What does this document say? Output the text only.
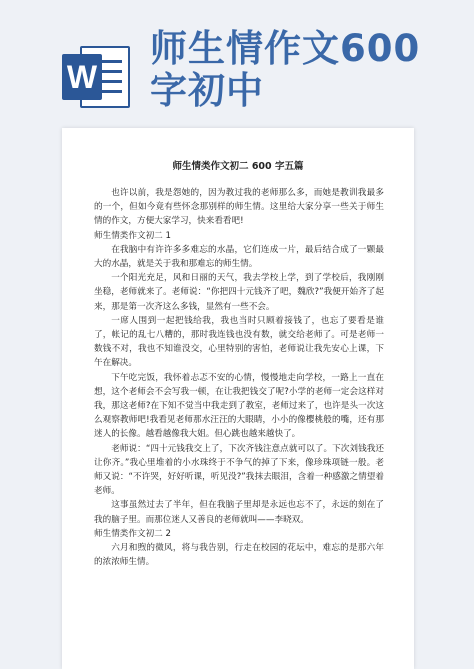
W
师生情作文600字初中
师生情类作文初二 600 字五篇

也许以前，我是怨她的，因为教过我的老师那么多，而她是教训我最多的一个，但如今竟有些怀念那别样的师生情。这里给大家分享一些关于师生情的作文，方便大家学习，快来看看吧!

师生情类作文初二 1

在我脑中有许许多多难忘的水晶，它们连成一片，最后结合成了一颗最大的水晶，就是关于我和那难忘的师生情。

一个阳光充足，风和日丽的天气，我去学校上学，到了学校后，我刚刚坐稳，老师就来了。老师说：“你把四十元钱齐了吧，魏欣?”我便开始齐了起来，那是第一次齐这么多钱，显然有一些不会。

一席人围到一起把钱给我，我也当时只顾着接钱了，也忘了要看是谁了，帐记的乱七八糟的，那时我连钱也没有数，就交给老师了。可是老师一数钱不对，我也不知谁没交，心里特别的害怕，老师说让我先安心上课，下午在解决。

下午吃完饭，我怀着忐忑不安的心情，慢慢地走向学校，一路上一直在想，这个老师会不会写我一顿，在让我把钱交了呢?小学的老师一定会这样对我，那这老师?在下知不觉当中我走到了教室，老师过来了，也许是头一次这么观察教师吧!我看见老师那水汪汪的大眼睛，小小的像樱桃般的嘴，还有那迷人的长像。越看越像我大姐。但心跳也越来越快了。

老师说：“四十元钱我交上了，下次齐钱注意点就可以了。下次刘钱我还让你齐。”我心里堆着的小水珠终于不争气的掉了下来，像珍珠项链一般。老师又说：“不许哭，好好听课，听见没?”我抹去眼泪，含着一种感激之情望着老师。

这事虽然过去了半年，但在我脑子里却是永远也忘不了，永远的刻在了我的脑子里。而那位迷人又善良的老师就叫——李晓双。

师生情类作文初二 2

六月和煦的微风，将与我告别，行走在校园的花坛中，难忘的是那六年的浓浓师生情。
